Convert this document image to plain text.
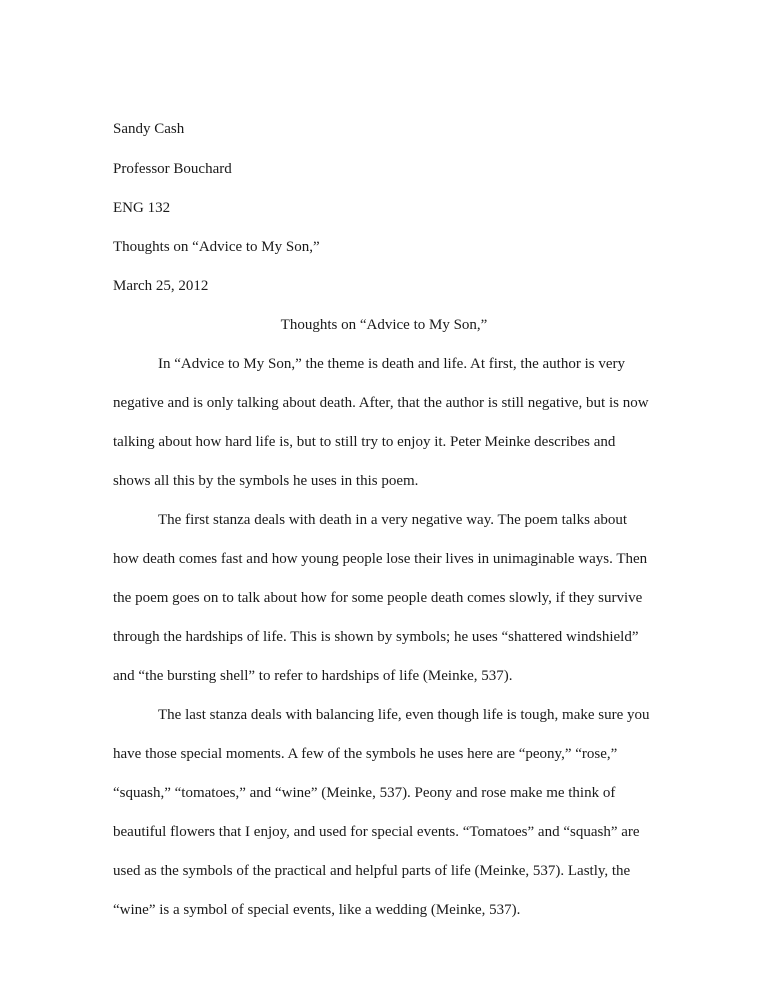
Sandy Cash
Professor Bouchard
ENG 132
Thoughts on “Advice to My Son,”
March 25, 2012
Thoughts on “Advice to My Son,”
In “Advice to My Son,” the theme is death and life. At first, the author is very
negative and is only talking about death. After, that the author is still negative, but is now
talking about how hard life is, but to still try to enjoy it. Peter Meinke describes and
shows all this by the symbols he uses in this poem.
The first stanza deals with death in a very negative way. The poem talks about
how death comes fast and how young people lose their lives in unimaginable ways. Then
the poem goes on to talk about how for some people death comes slowly, if they survive
through the hardships of life. This is shown by symbols; he uses “shattered windshield”
and “the bursting shell” to refer to hardships of life (Meinke, 537).
The last stanza deals with balancing life, even though life is tough, make sure you
have those special moments. A few of the symbols he uses here are “peony,” “rose,”
“squash,” “tomatoes,” and “wine” (Meinke, 537). Peony and rose make me think of
beautiful flowers that I enjoy, and used for special events. “Tomatoes” and “squash” are
used as the symbols of the practical and helpful parts of life (Meinke, 537). Lastly, the
“wine” is a symbol of special events, like a wedding (Meinke, 537).
